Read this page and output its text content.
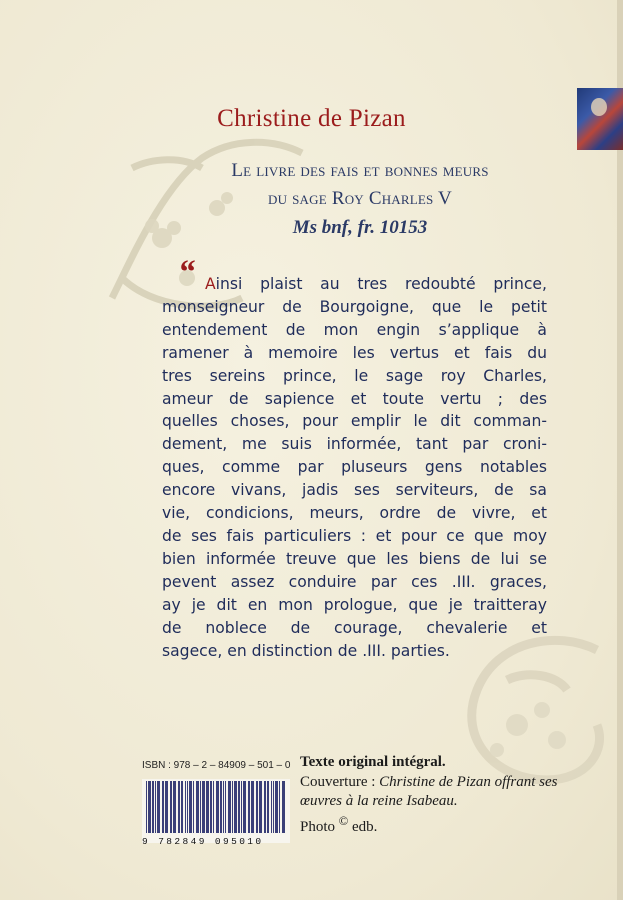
Christine de Pizan
Le livre des fais et bonnes meurs
du sage Roy Charles V
Ms bnf, fr. 10153
“ Ainsi plaist au tres redoubté prince,
monseigneur de Bourgoigne, que le petit
entendement de mon engin s’applique à
ramener à memoire les vertus et fais du
tres sereins prince, le sage roy Charles,
ameur de sapience et toute vertu ; des
quelles choses, pour emplir le dit comman-
dement, me suis informée, tant par croni-
ques, comme par pluseurs gens notables
encore vivans, jadis ses serviteurs, de sa
vie, condicions, meurs, ordre de vivre, et
de ses fais particuliers : et pour ce que moy
bien informée treuve que les biens de lui se
pevent assez conduire par ces .III. graces,
ay je dit en mon prologue, que je traitteray
de noblece de courage, chevalerie et
sagece, en distinction de .III. parties.
ISBN : 978 – 2 – 84909 – 501 – 0
9 782849 095010
Texte original intégral.
Couverture : Christine de Pizan offrant ses
œuvres à la reine Isabeau.
Photo © edb.
